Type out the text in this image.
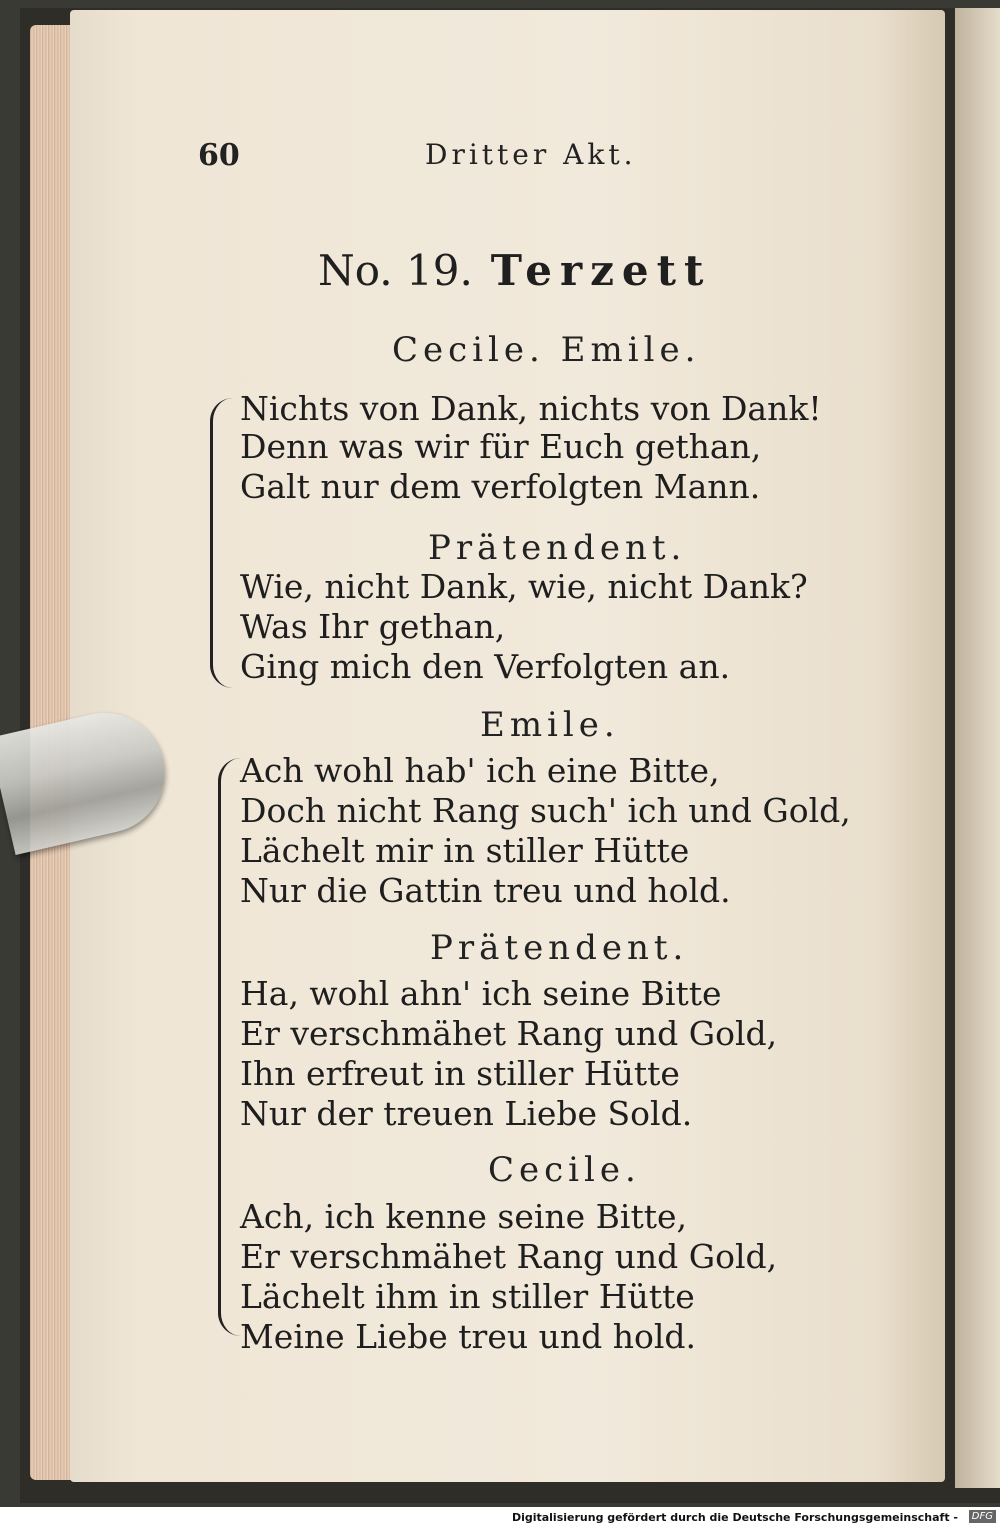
60	Dritter Akt.
No. 19. Terzett
Cecile. Emile.
Nichts von Dank, nichts von Dank!
Denn was wir für Euch gethan,
Galt nur dem verfolgten Mann.
Prätendent.
Wie, nicht Dank, wie, nicht Dank?
Was Ihr gethan,
Ging mich den Verfolgten an.
Emile.
Ach wohl hab' ich eine Bitte,
Doch nicht Rang such' ich und Gold,
Lächelt mir in stiller Hütte
Nur die Gattin treu und hold.
Prätendent.
Ha, wohl ahn' ich seine Bitte
Er verschmähet Rang und Gold,
Ihn erfreut in stiller Hütte
Nur der treuen Liebe Sold.
Cecile.
Ach, ich kenne seine Bitte,
Er verschmähet Rang und Gold,
Lächelt ihm in stiller Hütte
Meine Liebe treu und hold.
Digitalisierung gefördert durch die Deutsche Forschungsgemeinschaft -	DFG
